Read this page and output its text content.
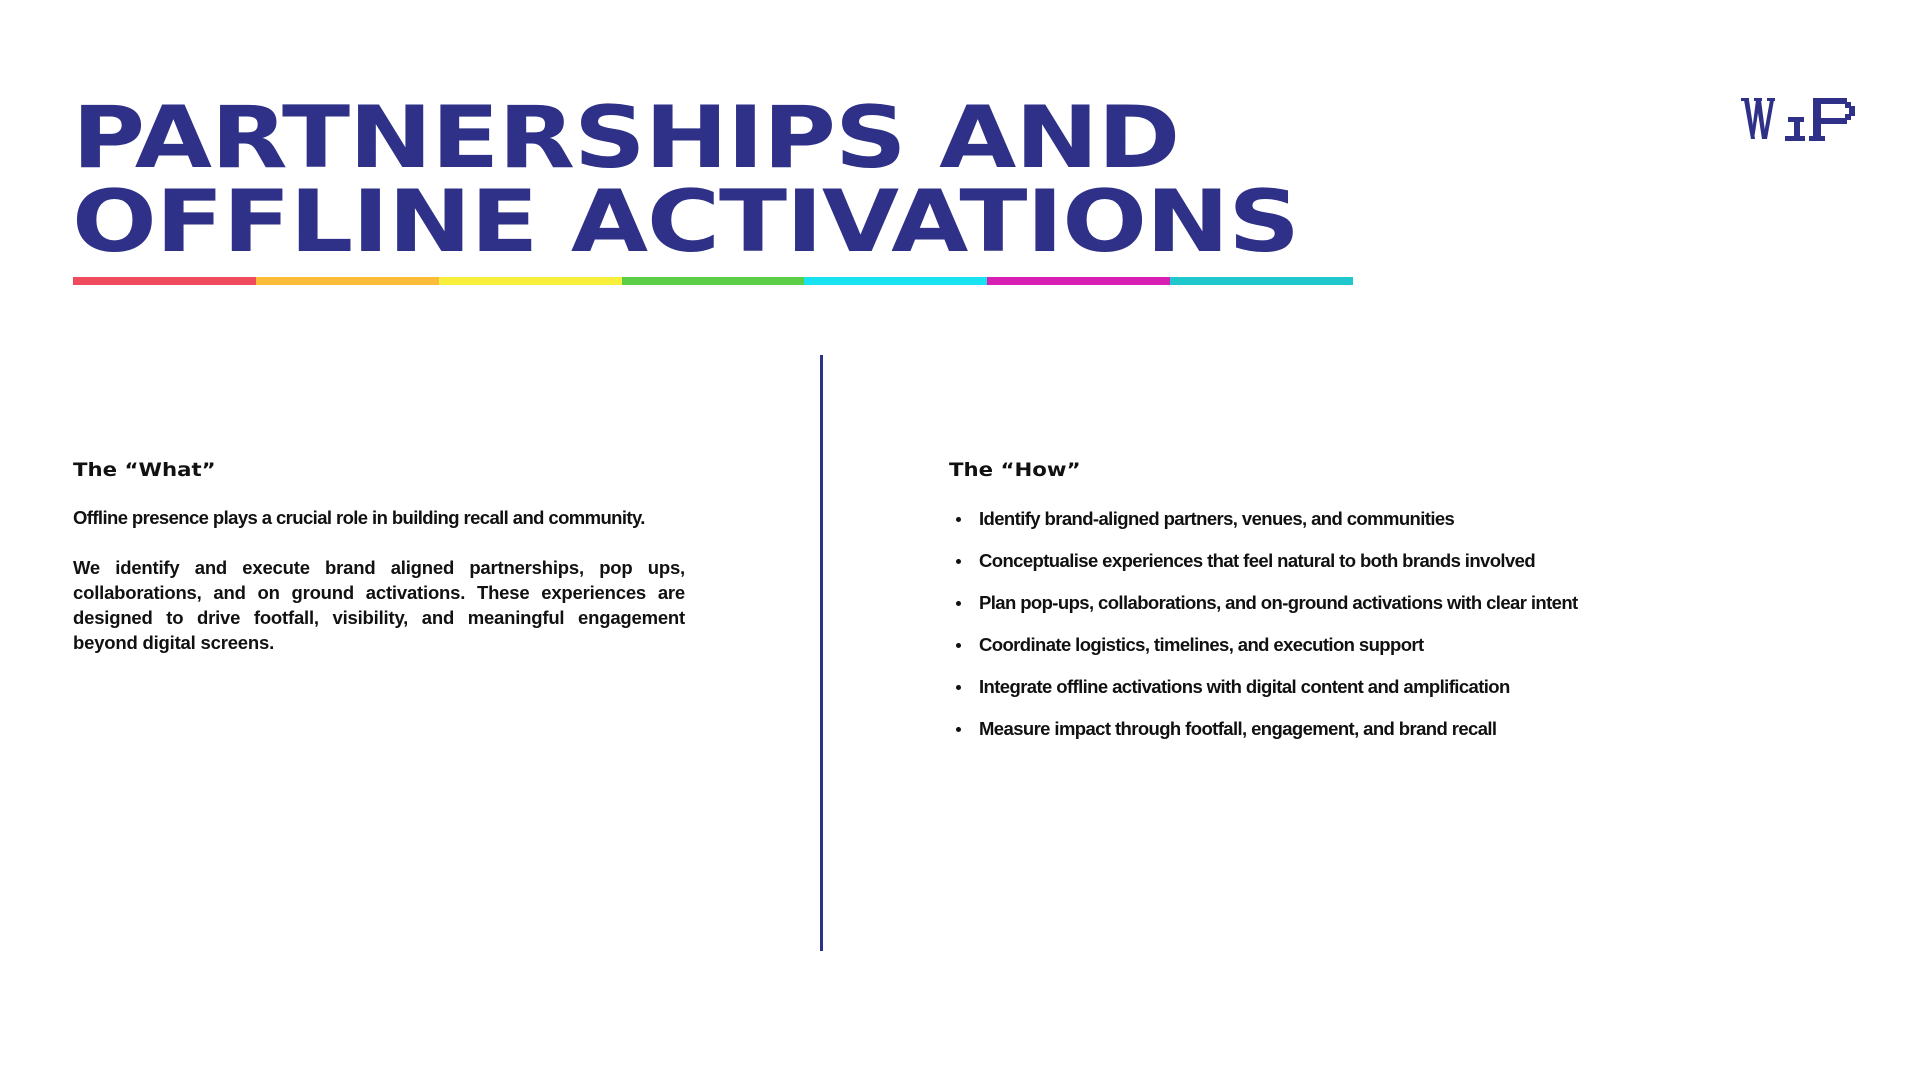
PARTNERSHIPS AND
OFFLINE ACTIVATIONS
The “What”

Offline presence plays a crucial role in building recall and community.

We identify and execute brand aligned partnerships, pop ups, collaborations, and on ground activations. These experiences are designed to drive footfall, visibility, and meaningful engagement beyond digital screens.

The “How”
Identify brand-aligned partners, venues, and communities
Conceptualise experiences that feel natural to both brands involved
Plan pop-ups, collaborations, and on-ground activations with clear intent
Coordinate logistics, timelines, and execution support
Integrate offline activations with digital content and amplification
Measure impact through footfall, engagement, and brand recall
